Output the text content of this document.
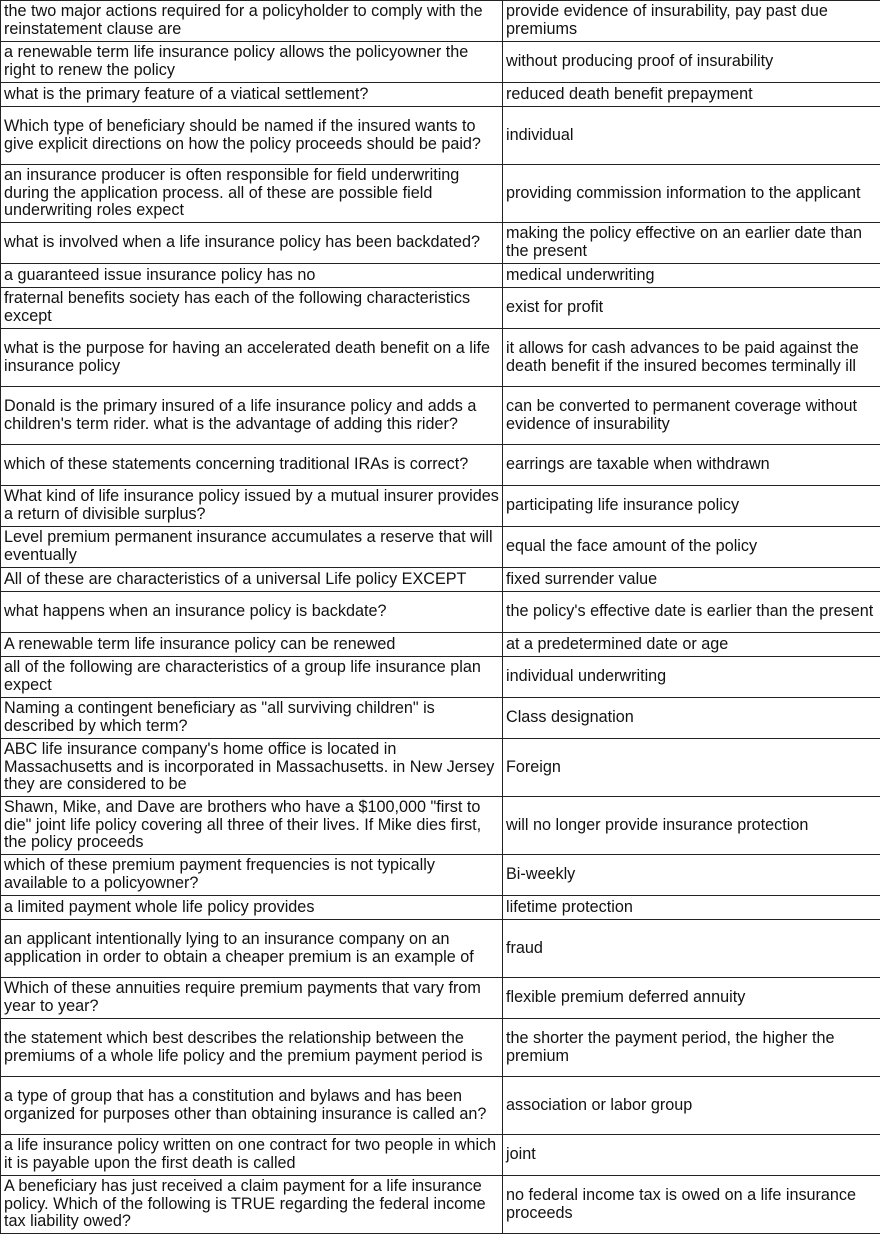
the two major actions required for a policyholder to comply with the reinstatement clause are	provide evidence of insurability, pay past due premiums
a renewable term life insurance policy allows the policyowner the right to renew the policy	without producing proof of insurability
what is the primary feature of a viatical settlement?	reduced death benefit prepayment
Which type of beneficiary should be named if the insured wants to give explicit directions on how the policy proceeds should be paid?	individual
an insurance producer is often responsible for field underwriting during the application process. all of these are possible field underwriting roles expect	providing commission information to the applicant
what is involved when a life insurance policy has been backdated?	making the policy effective on an earlier date than the present
a guaranteed issue insurance policy has no	medical underwriting
fraternal benefits society has each of the following characteristics except	exist for profit
what is the purpose for having an accelerated death benefit on a life insurance policy	it allows for cash advances to be paid against the death benefit if the insured becomes terminally ill
Donald is the primary insured of a life insurance policy and adds a children's term rider. what is the advantage of adding this rider?	can be converted to permanent coverage without evidence of insurability
which of these statements concerning traditional IRAs is correct?	earrings are taxable when withdrawn
What kind of life insurance policy issued by a mutual insurer provides a return of divisible surplus?	participating life insurance policy
Level premium permanent insurance accumulates a reserve that will eventually	equal the face amount of the policy
All of these are characteristics of a universal Life policy EXCEPT	fixed surrender value
what happens when an insurance policy is backdate?	the policy's effective date is earlier than the present
A renewable term life insurance policy can be renewed	at a predetermined date or age
all of the following are characteristics of a group life insurance plan expect	individual underwriting
Naming a contingent beneficiary as "all surviving children" is described by which term?	Class designation
ABC life insurance company's home office is located in Massachusetts and is incorporated in Massachusetts. in New Jersey they are considered to be	Foreign
Shawn, Mike, and Dave are brothers who have a $100,000 "first to die" joint life policy covering all three of their lives. If Mike dies first, the policy proceeds	will no longer provide insurance protection
which of these premium payment frequencies is not typically available to a policyowner?	Bi-weekly
a limited payment whole life policy provides	lifetime protection
an applicant intentionally lying to an insurance company on an application in order to obtain a cheaper premium is an example of	fraud
Which of these annuities require premium payments that vary from year to year?	flexible premium deferred annuity
the statement which best describes the relationship between the premiums of a whole life policy and the premium payment period is	the shorter the payment period, the higher the premium
a type of group that has a constitution and bylaws and has been organized for purposes other than obtaining insurance is called an?	association or labor group
a life insurance policy written on one contract for two people in which it is payable upon the first death is called	joint
A beneficiary has just received a claim payment for a life insurance policy. Which of the following is TRUE regarding the federal income tax liability owed?	no federal income tax is owed on a life insurance proceeds
